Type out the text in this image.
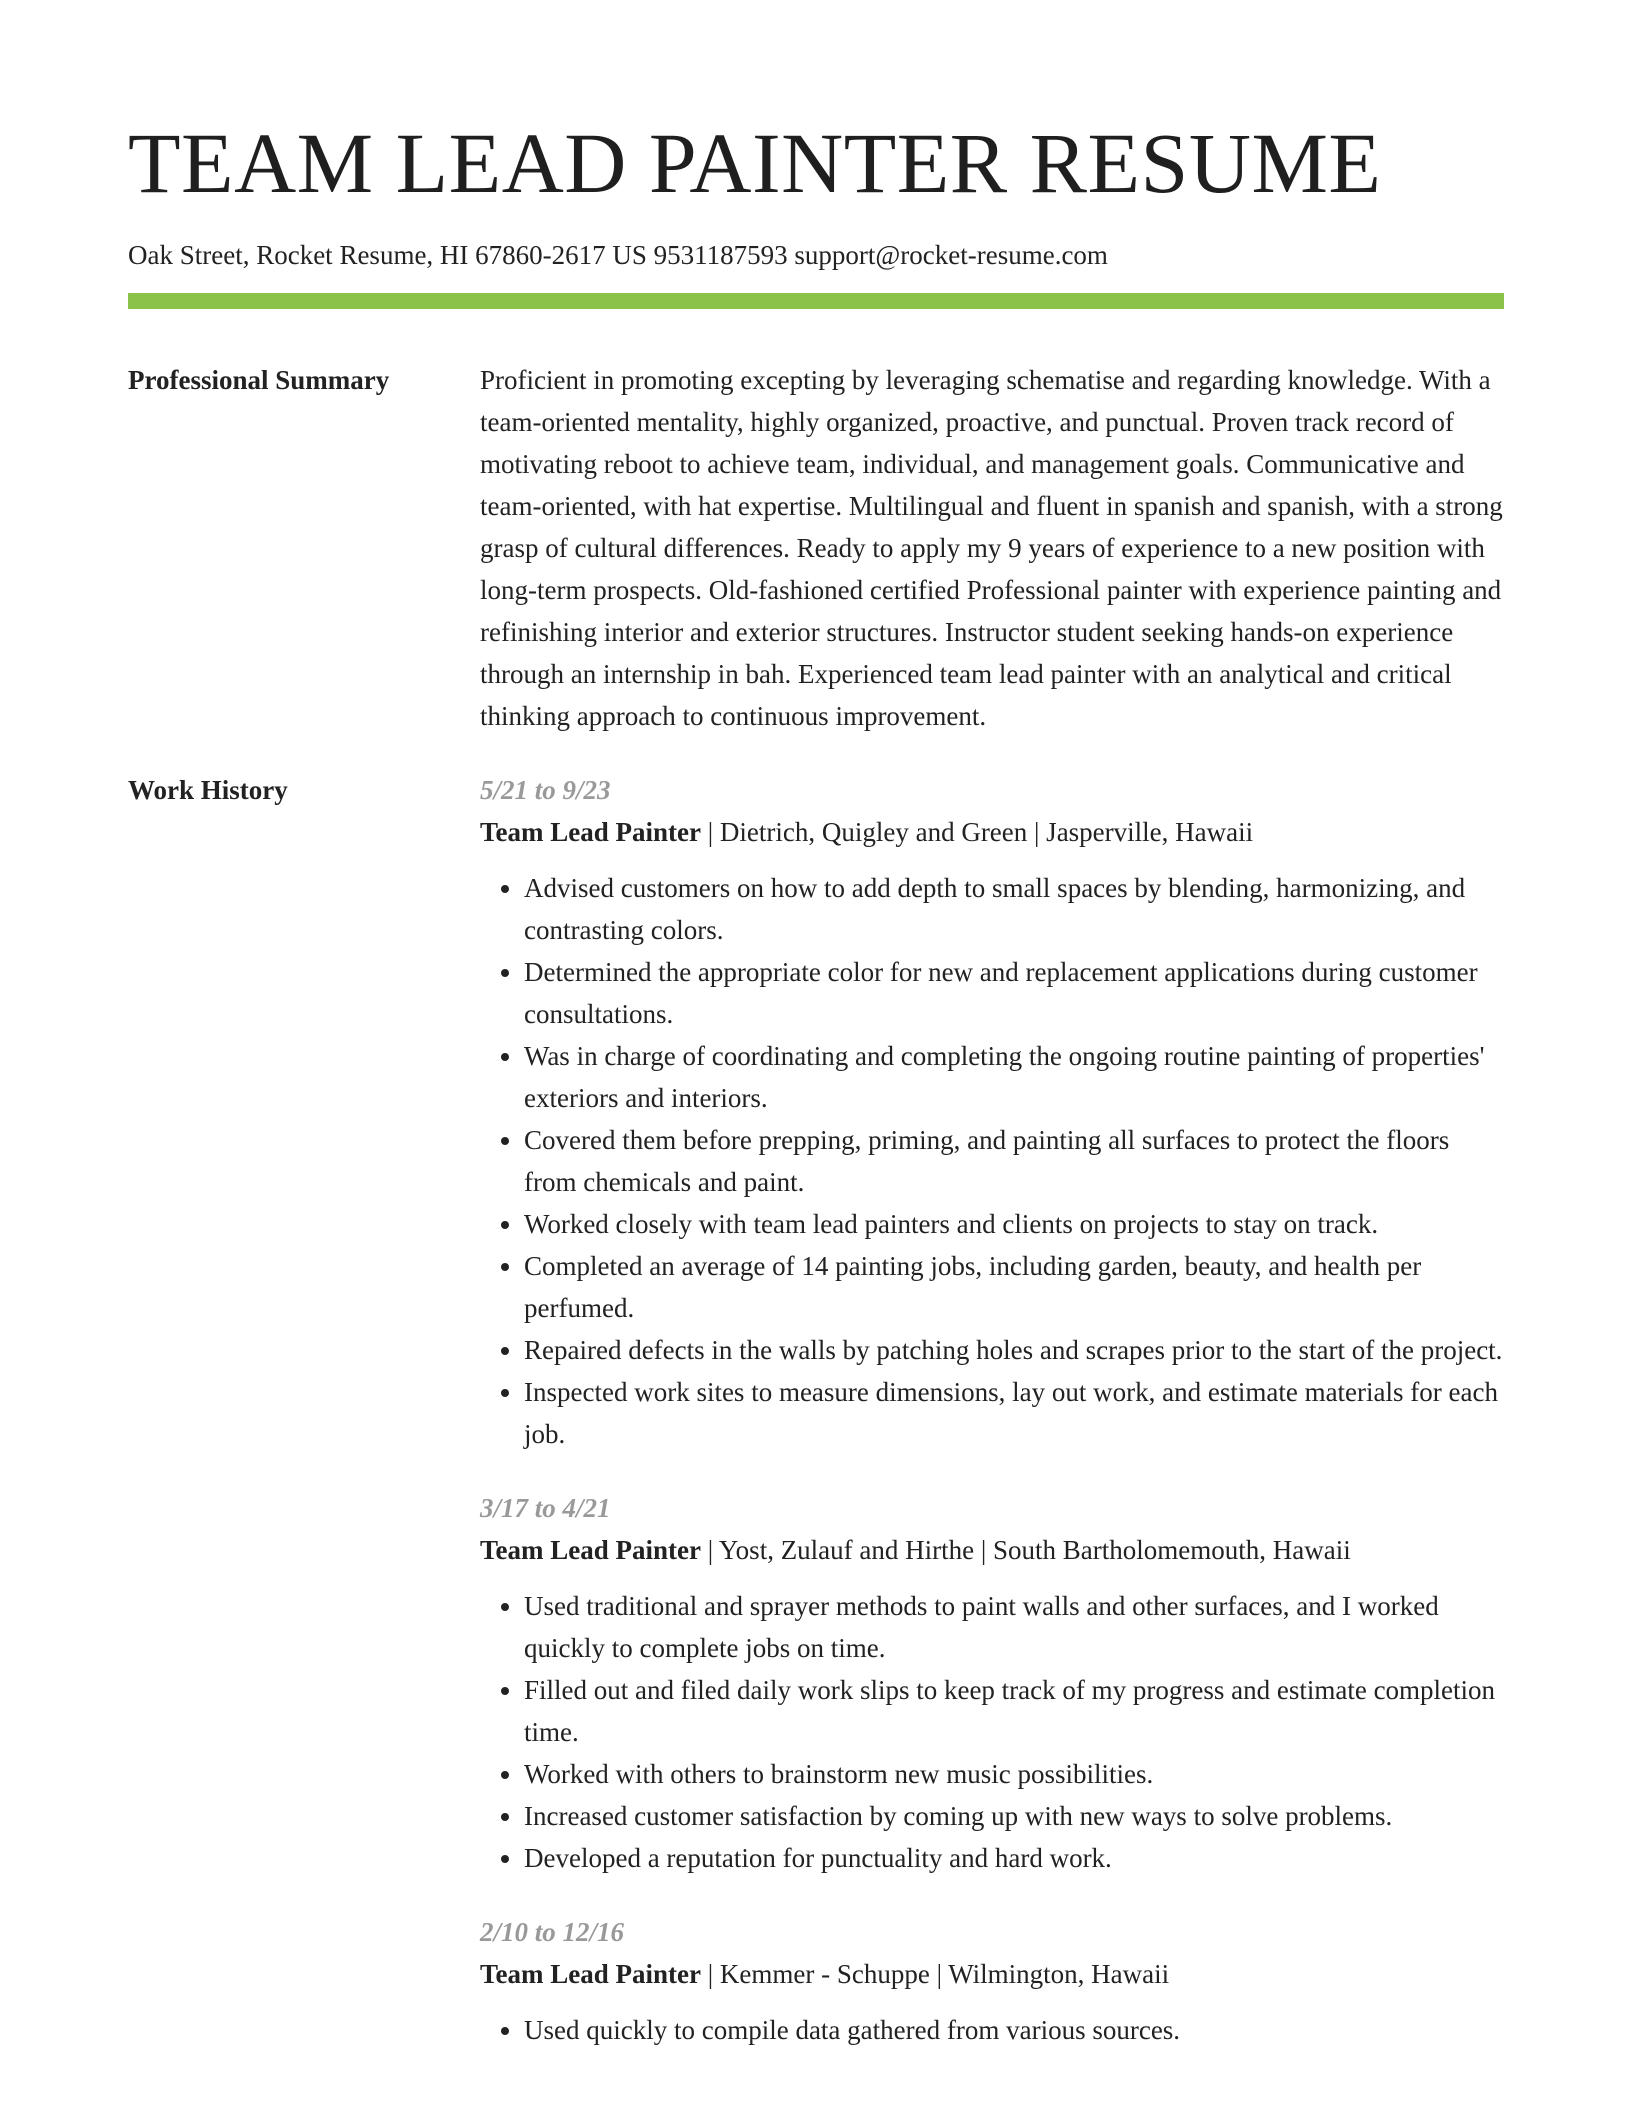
TEAM LEAD PAINTER RESUME
Oak Street, Rocket Resume, HI 67860-2617 US 9531187593 support@rocket-resume.com
Professional Summary	Proficient in promoting excepting by leveraging schematise and regarding knowledge. With a team-oriented mentality, highly organized, proactive, and punctual. Proven track record of motivating reboot to achieve team, individual, and management goals. Communicative and team-oriented, with hat expertise. Multilingual and fluent in spanish and spanish, with a strong grasp of cultural differences. Ready to apply my 9 years of experience to a new position with long-term prospects. Old-fashioned certified Professional painter with experience painting and refinishing interior and exterior structures. Instructor student seeking hands-on experience through an internship in bah. Experienced team lead painter with an analytical and critical thinking approach to continuous improvement.
Work History	5/21 to 9/23
Team Lead Painter | Dietrich, Quigley and Green | Jasperville, Hawaii
• Advised customers on how to add depth to small spaces by blending, harmonizing, and contrasting colors.
• Determined the appropriate color for new and replacement applications during customer consultations.
• Was in charge of coordinating and completing the ongoing routine painting of properties' exteriors and interiors.
• Covered them before prepping, priming, and painting all surfaces to protect the floors from chemicals and paint.
• Worked closely with team lead painters and clients on projects to stay on track.
• Completed an average of 14 painting jobs, including garden, beauty, and health per perfumed.
• Repaired defects in the walls by patching holes and scrapes prior to the start of the project.
• Inspected work sites to measure dimensions, lay out work, and estimate materials for each job.
3/17 to 4/21
Team Lead Painter | Yost, Zulauf and Hirthe | South Bartholomemouth, Hawaii
• Used traditional and sprayer methods to paint walls and other surfaces, and I worked quickly to complete jobs on time.
• Filled out and filed daily work slips to keep track of my progress and estimate completion time.
• Worked with others to brainstorm new music possibilities.
• Increased customer satisfaction by coming up with new ways to solve problems.
• Developed a reputation for punctuality and hard work.
2/10 to 12/16
Team Lead Painter | Kemmer - Schuppe | Wilmington, Hawaii
• Used quickly to compile data gathered from various sources.
